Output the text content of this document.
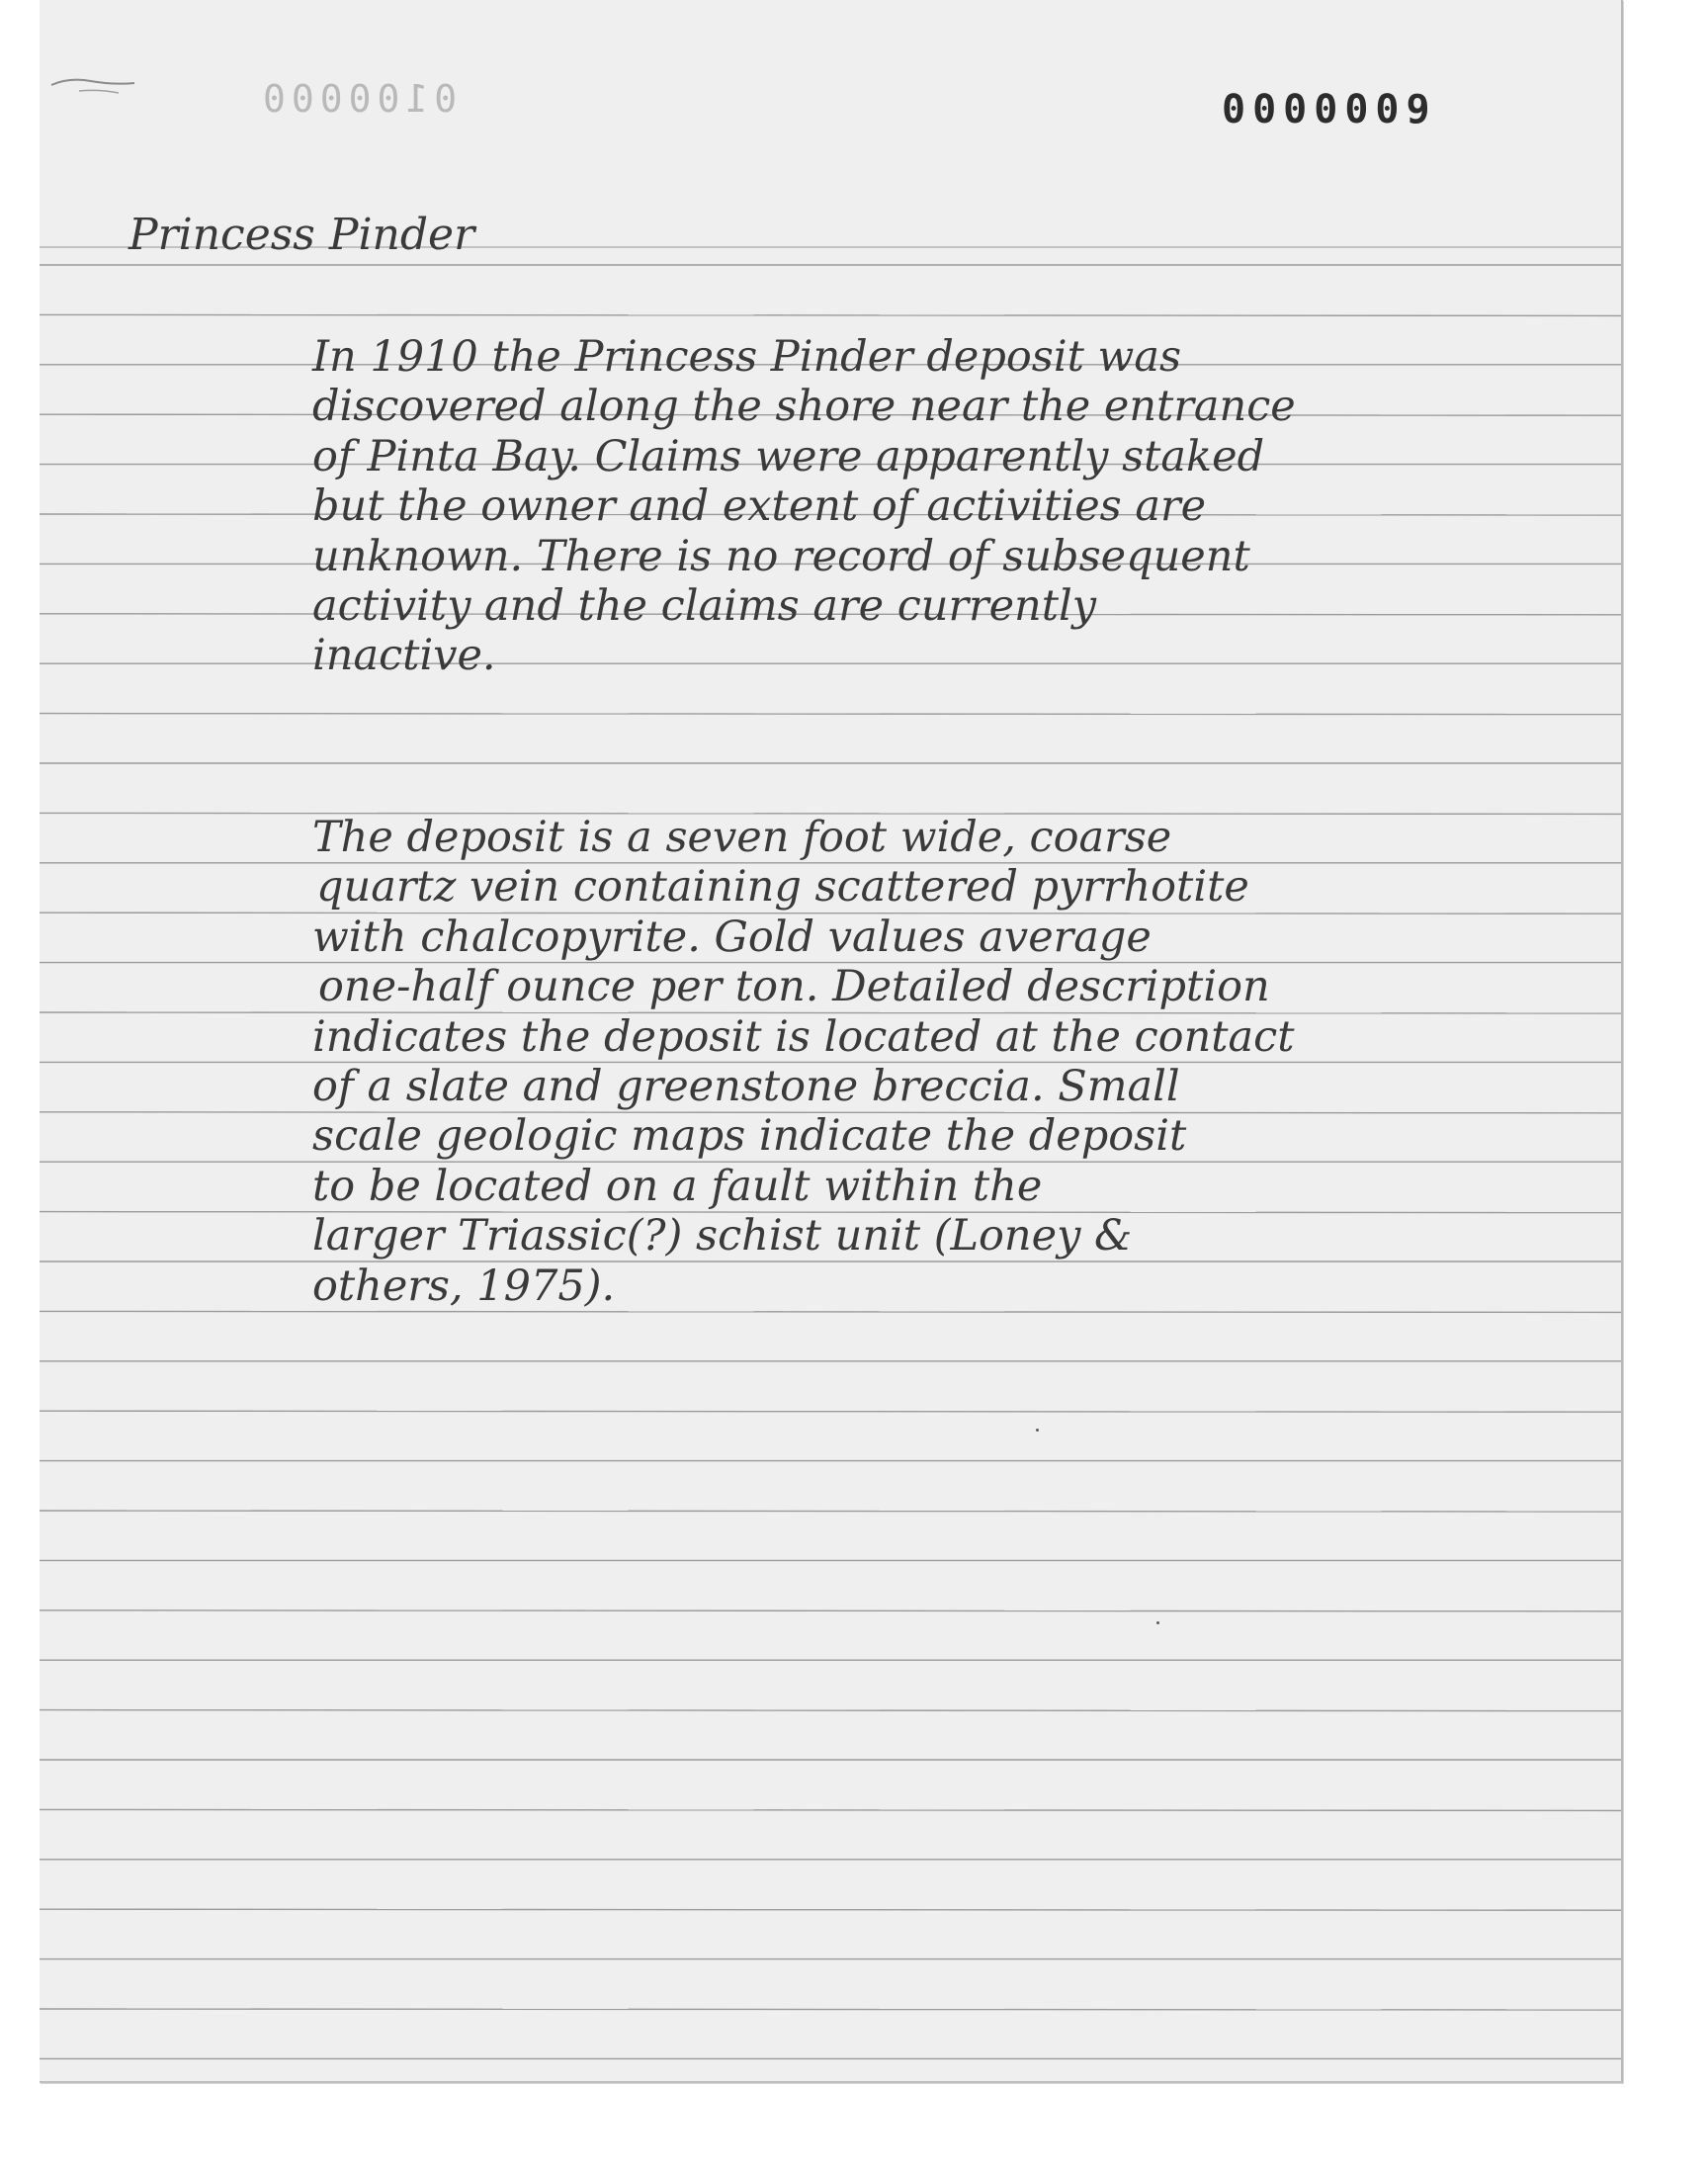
0100000	0000009
Princess Pinder
In 1910 the Princess Pinder deposit was
discovered along the shore near the entrance
of Pinta Bay. Claims were apparently staked
but the owner and extent of activities are
unknown. There is no record of subsequent
activity and the claims are currently
inactive.
The deposit is a seven foot wide, coarse
quartz vein containing scattered pyrrhotite
with chalcopyrite. Gold values average
one-half ounce per ton. Detailed description
indicates the deposit is located at the contact
of a slate and greenstone breccia. Small
scale geologic maps indicate the deposit
to be located on a fault within the
larger Triassic(?) schist unit (Loney &
others, 1975).
